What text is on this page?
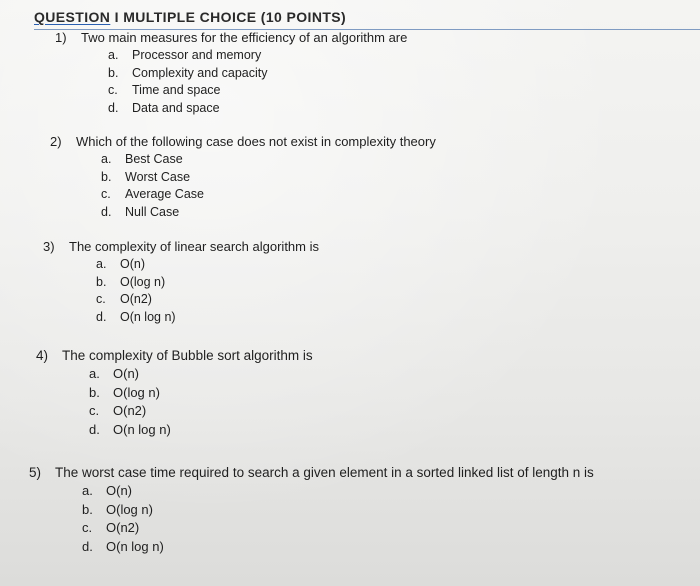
QUESTION I MULTIPLE CHOICE (10 POINTS)
1) Two main measures for the efficiency of an algorithm are
a. Processor and memory
b. Complexity and capacity
c. Time and space
d. Data and space
2) Which of the following case does not exist in complexity theory
a. Best Case
b. Worst Case
c. Average Case
d. Null Case
3) The complexity of linear search algorithm is
a. O(n)
b. O(log n)
c. O(n2)
d. O(n log n)
4) The complexity of Bubble sort algorithm is
a. O(n)
b. O(log n)
c. O(n2)
d. O(n log n)
5) The worst case time required to search a given element in a sorted linked list of length n is
a. O(n)
b. O(log n)
c. O(n2)
d. O(n log n)
